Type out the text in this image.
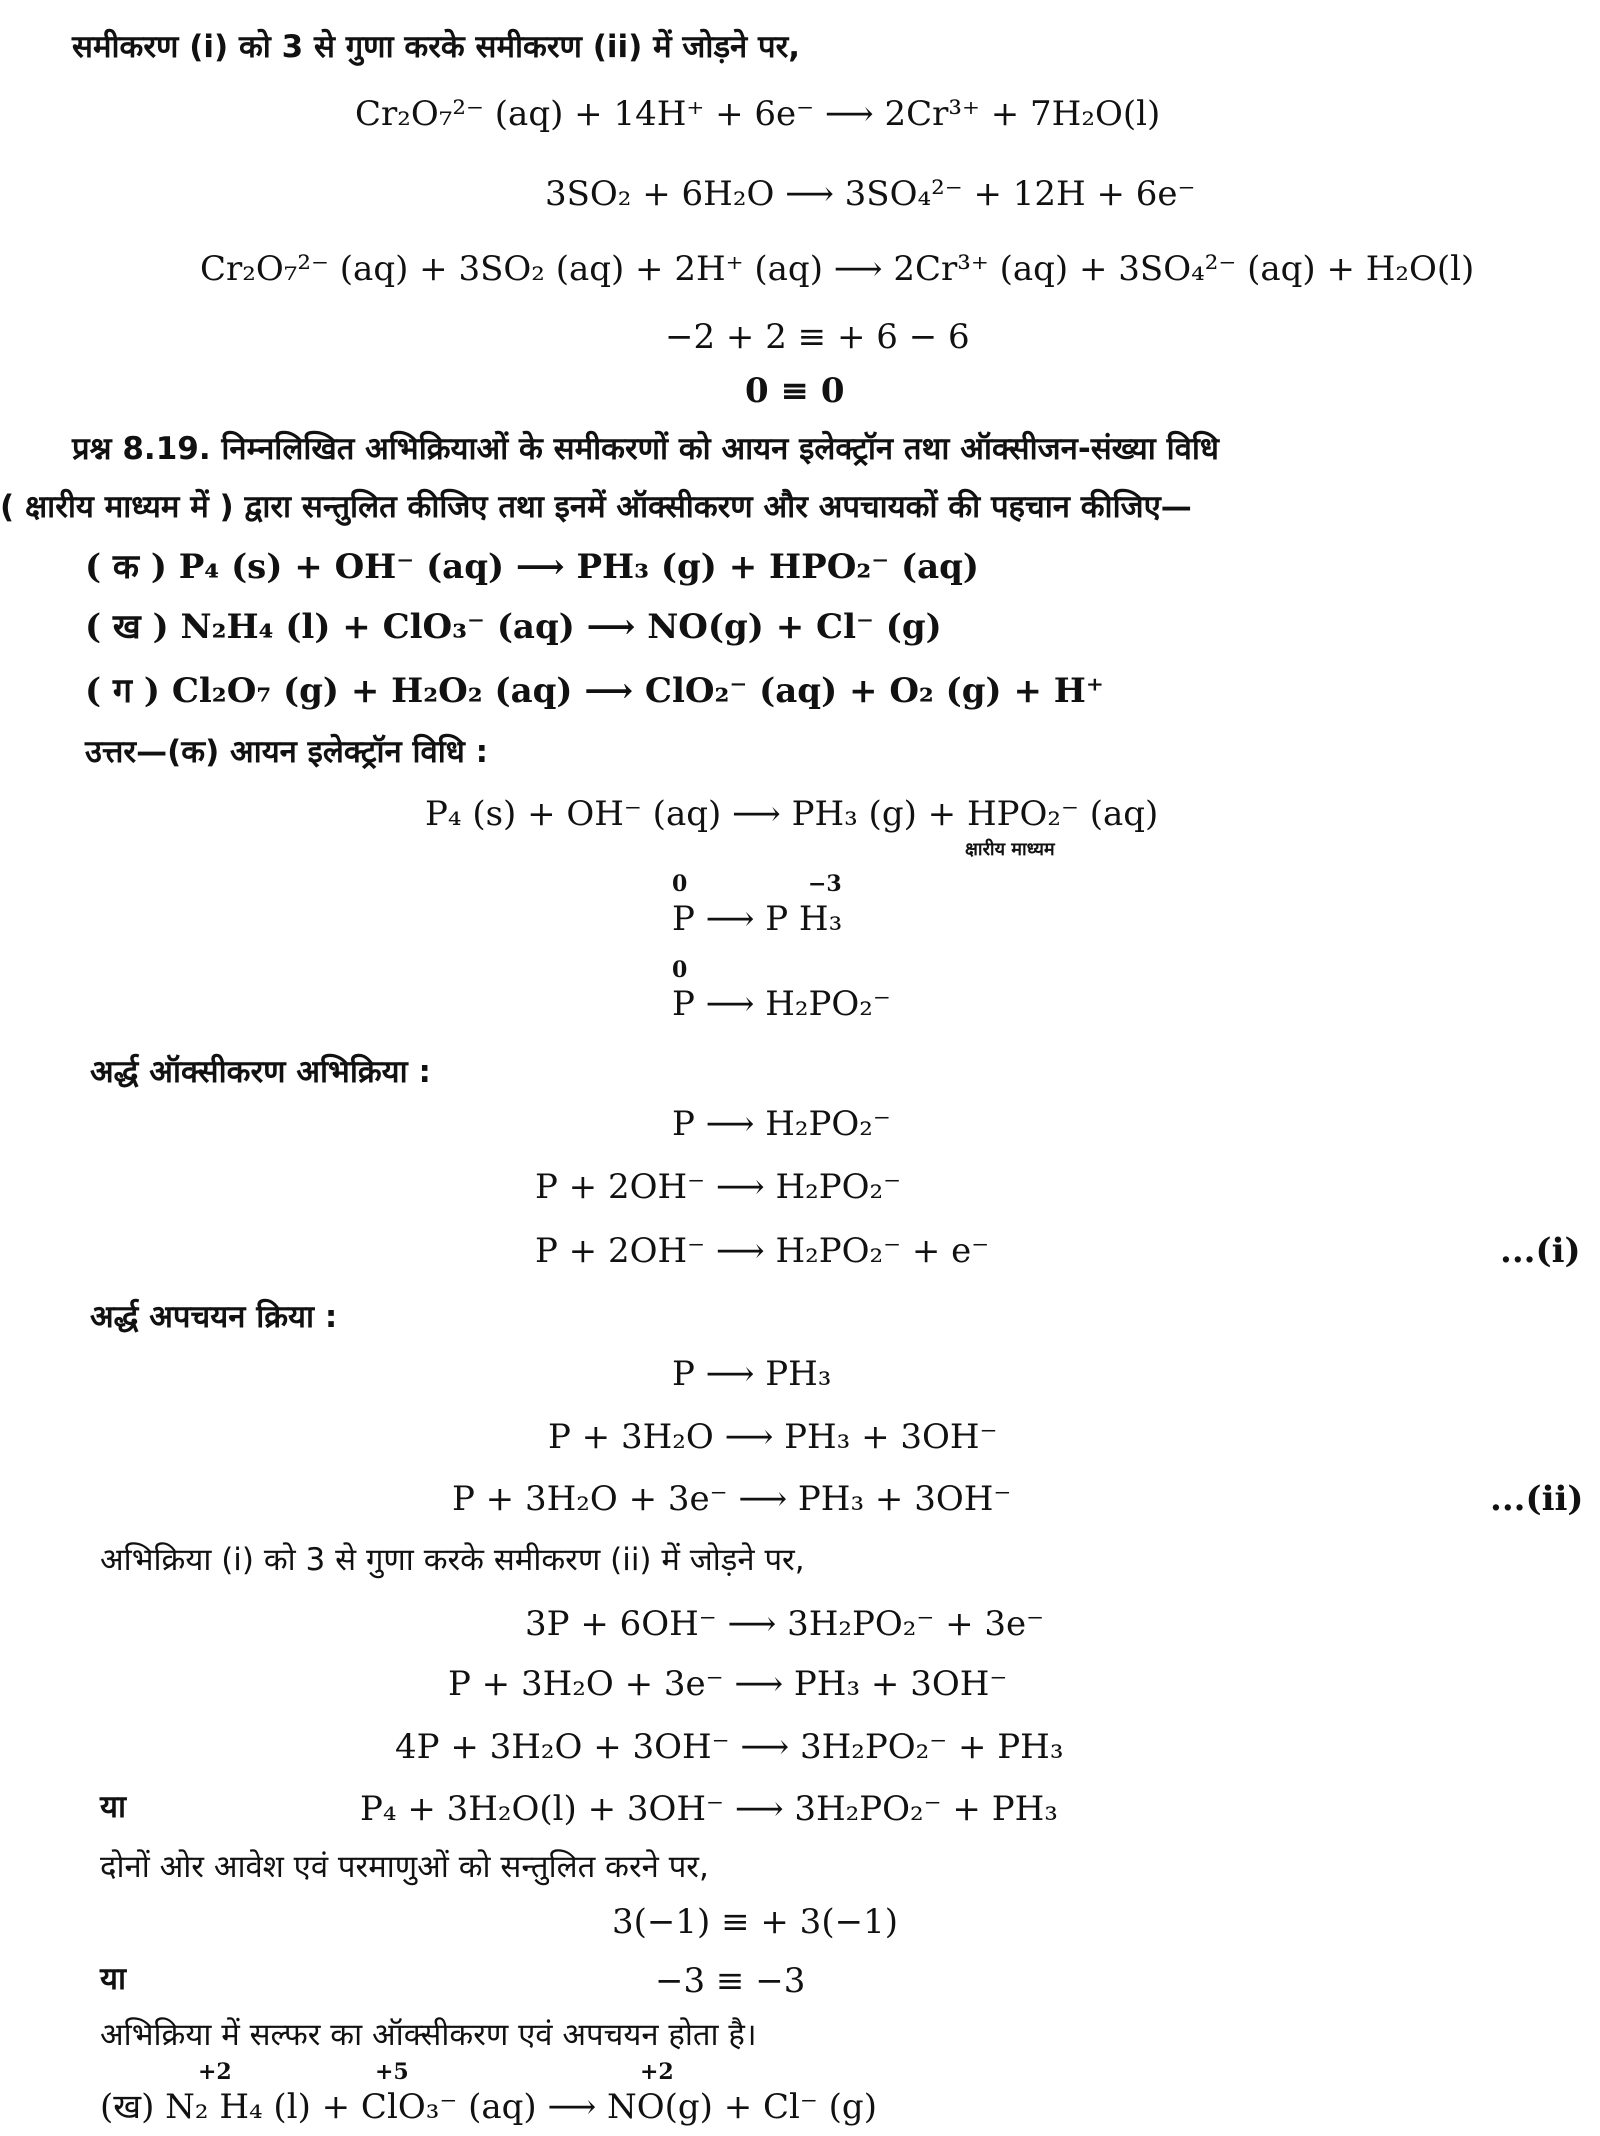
समीकरण (i) को 3 से गुणा करके समीकरण (ii) में जोड़ने पर,
Cr₂O₇²⁻ (aq) + 14H⁺ + 6e⁻ ⟶ 2Cr³⁺ + 7H₂O(l)
3SO₂ + 6H₂O ⟶ 3SO₄²⁻ + 12H + 6e⁻
Cr₂O₇²⁻ (aq) + 3SO₂ (aq) + 2H⁺ (aq) ⟶ 2Cr³⁺ (aq) + 3SO₄²⁻ (aq) + H₂O(l)
−2 + 2 ≡ + 6 − 6
0 ≡ 0
प्रश्न 8.19. निम्नलिखित अभिक्रियाओं के समीकरणों को आयन इलेक्ट्रॉन तथा ऑक्सीजन-संख्या विधि
( क्षारीय माध्यम में ) द्वारा सन्तुलित कीजिए तथा इनमें ऑक्सीकरण और अपचायकों की पहचान कीजिए—
( क ) P₄ (s) + OH⁻ (aq) ⟶ PH₃ (g) + HPO₂⁻ (aq)
( ख ) N₂H₄ (l) + ClO₃⁻ (aq) ⟶ NO(g) + Cl⁻ (g)
( ग ) Cl₂O₇ (g) + H₂O₂ (aq) ⟶ ClO₂⁻ (aq) + O₂ (g) + H⁺
उत्तर—(क) आयन इलेक्ट्रॉन विधि :
P₄ (s) + OH⁻ (aq) ⟶ PH₃ (g) + HPO₂⁻ (aq)
क्षारीय माध्यम
0	−3
P ⟶ P H₃
0
P ⟶ H₂PO₂⁻
अर्द्ध ऑक्सीकरण अभिक्रिया :
P ⟶ H₂PO₂⁻
P + 2OH⁻ ⟶ H₂PO₂⁻
P + 2OH⁻ ⟶ H₂PO₂⁻ + e⁻	...(i)
अर्द्ध अपचयन क्रिया :
P ⟶ PH₃
P + 3H₂O ⟶ PH₃ + 3OH⁻
P + 3H₂O + 3e⁻ ⟶ PH₃ + 3OH⁻	...(ii)
अभिक्रिया (i) को 3 से गुणा करके समीकरण (ii) में जोड़ने पर,
3P + 6OH⁻ ⟶ 3H₂PO₂⁻ + 3e⁻
P + 3H₂O + 3e⁻ ⟶ PH₃ + 3OH⁻
4P + 3H₂O + 3OH⁻ ⟶ 3H₂PO₂⁻ + PH₃
या	P₄ + 3H₂O(l) + 3OH⁻ ⟶ 3H₂PO₂⁻ + PH₃
दोनों ओर आवेश एवं परमाणुओं को सन्तुलित करने पर,
3(−1) ≡ + 3(−1)
या	−3 ≡ −3
अभिक्रिया में सल्फर का ऑक्सीकरण एवं अपचयन होता है।
+2	+5	+2
(ख) N₂ H₄ (l) + ClO₃⁻ (aq) ⟶ NO(g) + Cl⁻ (g)
